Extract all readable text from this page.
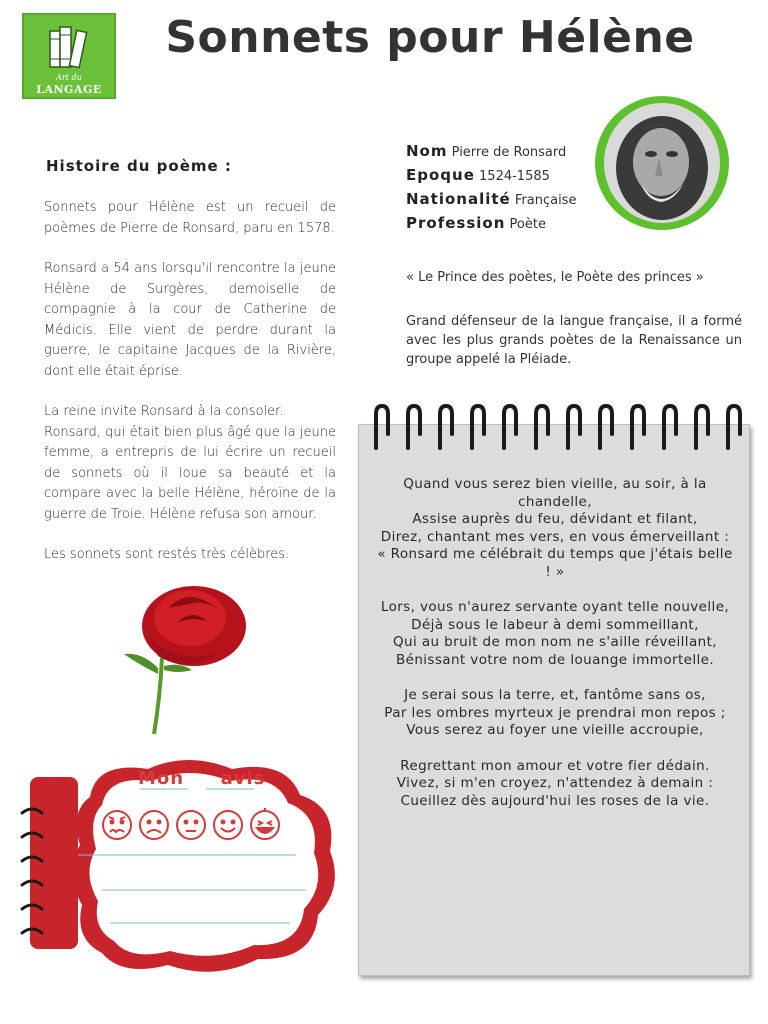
Art du
LANGAGE
Sonnets pour Hélène
Histoire du poème :

Sonnets pour Hélène est un recueil de poèmes de Pierre de Ronsard, paru en 1578.

Ronsard a 54 ans lorsqu'il rencontre la jeune Hélène de Surgères, demoiselle de compagnie à la cour de Catherine de Médicis. Elle vient de perdre durant la guerre, le capitaine Jacques de la Rivière, dont elle était éprise.

La reine invite Ronsard à la consoler.

Ronsard, qui était bien plus âgé que la jeune femme, a entrepris de lui écrire un recueil de sonnets où il loue sa beauté et la compare avec la belle Hélène, héroïne de la guerre de Troie. Hélène refusa son amour.

Les sonnets sont restés très célèbres.

Nom Pierre de Ronsard
Epoque 1524-1585
Nationalité Française
Profession Poète
« Le Prince des poètes, le Poète des princes »
Grand défenseur de la langue française, il a formé avec les plus grands poètes de la Renaissance un groupe appelé la Pléiade.
Quand vous serez bien vieille, au soir, à la chandelle,
Assise auprès du feu, dévidant et filant,
Direz, chantant mes vers, en vous émerveillant :
« Ronsard me célébrait du temps que j'étais belle ! »
Lors, vous n'aurez servante oyant telle nouvelle,
Déjà sous le labeur à demi sommeillant,
Qui au bruit de mon nom ne s'aille réveillant,
Bénissant votre nom de louange immortelle.
Je serai sous la terre, et, fantôme sans os,
Par les ombres myrteux je prendrai mon repos ;
Vous serez au foyer une vieille accroupie,
Regrettant mon amour et votre fier dédain.
Vivez, si m'en croyez, n'attendez à demain :
Cueillez dès aujourd'hui les roses de la vie.
Mon avis
